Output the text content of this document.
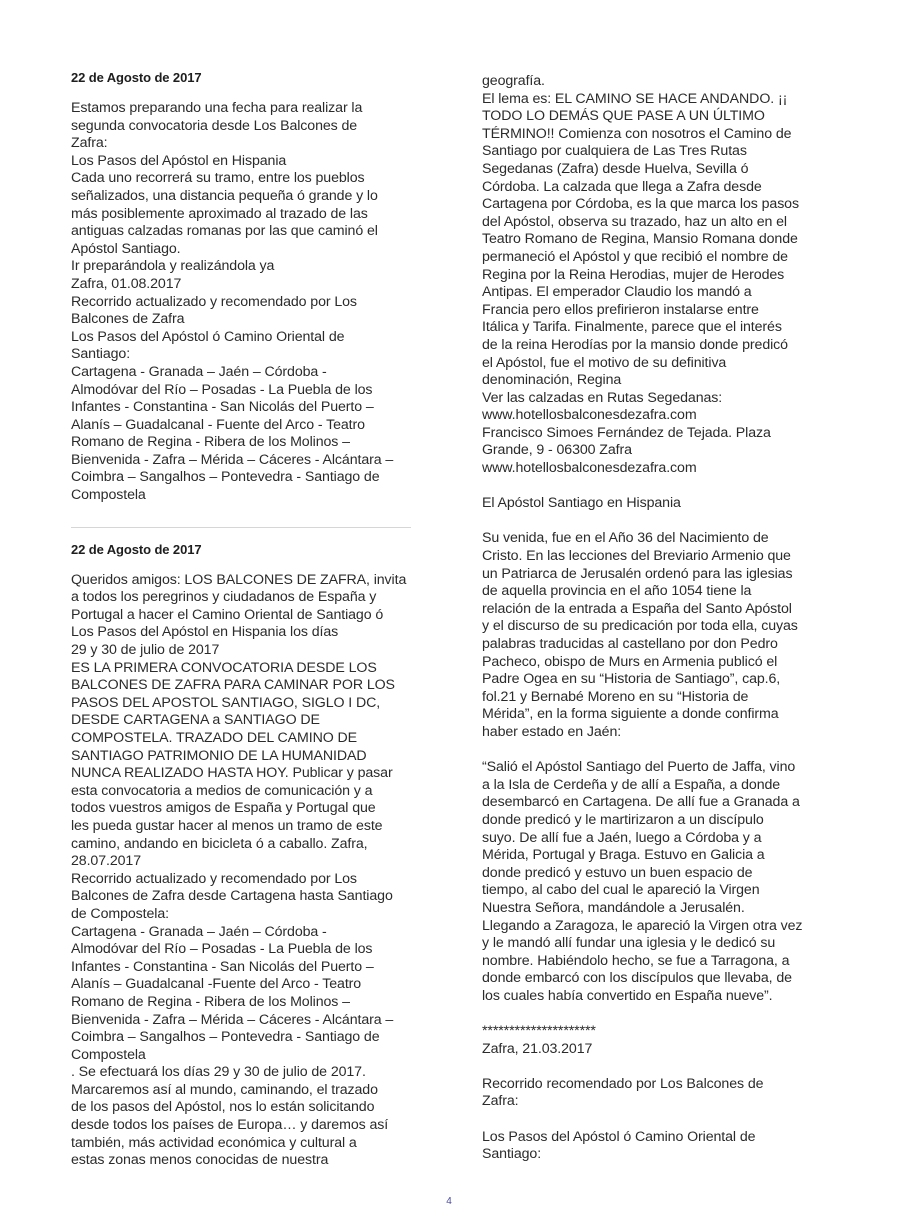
22 de Agosto de 2017
Estamos preparando una fecha para realizar la
segunda convocatoria desde Los Balcones de
Zafra:
Los Pasos del Apóstol en Hispania
Cada uno recorrerá su tramo, entre los pueblos
señalizados, una distancia pequeña ó grande y lo
más posiblemente aproximado al trazado de las
antiguas calzadas romanas por las que caminó el
Apóstol Santiago.
Ir preparándola y realizándola ya
Zafra, 01.08.2017
Recorrido actualizado y recomendado por Los
Balcones de Zafra
Los Pasos del Apóstol ó Camino Oriental de
Santiago:
Cartagena - Granada – Jaén – Córdoba -
Almodóvar del Río – Posadas - La Puebla de los
Infantes - Constantina - San Nicolás del Puerto –
Alanís – Guadalcanal - Fuente del Arco - Teatro
Romano de Regina - Ribera de los Molinos –
Bienvenida - Zafra – Mérida – Cáceres - Alcántara –
Coimbra – Sangalhos – Pontevedra - Santiago de
Compostela
22 de Agosto de 2017
Queridos amigos: LOS BALCONES DE ZAFRA, invita
a todos los peregrinos y ciudadanos de España y
Portugal a hacer el Camino Oriental de Santiago ó
Los Pasos del Apóstol en Hispania los días
29 y 30 de julio de 2017
ES LA PRIMERA CONVOCATORIA DESDE LOS
BALCONES DE ZAFRA PARA CAMINAR POR LOS
PASOS DEL APOSTOL SANTIAGO, SIGLO I DC,
DESDE CARTAGENA a SANTIAGO DE
COMPOSTELA. TRAZADO DEL CAMINO DE
SANTIAGO PATRIMONIO DE LA HUMANIDAD
NUNCA REALIZADO HASTA HOY. Publicar y pasar
esta convocatoria a medios de comunicación y a
todos vuestros amigos de España y Portugal que
les pueda gustar hacer al menos un tramo de este
camino, andando en bicicleta ó a caballo. Zafra,
28.07.2017
Recorrido actualizado y recomendado por Los
Balcones de Zafra desde Cartagena hasta Santiago
de Compostela:
Cartagena - Granada – Jaén – Córdoba -
Almodóvar del Río – Posadas - La Puebla de los
Infantes - Constantina - San Nicolás del Puerto –
Alanís – Guadalcanal -Fuente del Arco - Teatro
Romano de Regina - Ribera de los Molinos –
Bienvenida - Zafra – Mérida – Cáceres - Alcántara –
Coimbra – Sangalhos – Pontevedra - Santiago de
Compostela
. Se efectuará los días 29 y 30 de julio de 2017.
Marcaremos así al mundo, caminando, el trazado
de los pasos del Apóstol, nos lo están solicitando
desde todos los países de Europa… y daremos así
también, más actividad económica y cultural a
estas zonas menos conocidas de nuestra
geografía.
El lema es: EL CAMINO SE HACE ANDANDO. ¡¡
TODO LO DEMÁS QUE PASE A UN ÚLTIMO
TÉRMINO!! Comienza con nosotros el Camino de
Santiago por cualquiera de Las Tres Rutas
Segedanas (Zafra) desde Huelva, Sevilla ó
Córdoba. La calzada que llega a Zafra desde
Cartagena por Córdoba, es la que marca los pasos
del Apóstol, observa su trazado, haz un alto en el
Teatro Romano de Regina, Mansio Romana donde
permaneció el Apóstol y que recibió el nombre de
Regina por la Reina Herodias, mujer de Herodes
Antipas. El emperador Claudio los mandó a
Francia pero ellos prefirieron instalarse entre
Itálica y Tarifa. Finalmente, parece que el interés
de la reina Herodías por la mansio donde predicó
el Apóstol, fue el motivo de su definitiva
denominación, Regina
Ver las calzadas en Rutas Segedanas:
www.hotellosbalconesdezafra.com
Francisco Simoes Fernández de Tejada. Plaza
Grande, 9 - 06300 Zafra
www.hotellosbalconesdezafra.com
El Apóstol Santiago en Hispania
Su venida, fue en el Año 36 del Nacimiento de
Cristo. En las lecciones del Breviario Armenio que
un Patriarca de Jerusalén ordenó para las iglesias
de aquella provincia en el año 1054 tiene la
relación de la entrada a España del Santo Apóstol
y el discurso de su predicación por toda ella, cuyas
palabras traducidas al castellano por don Pedro
Pacheco, obispo de Murs en Armenia publicó el
Padre Ogea en su “Historia de Santiago”, cap.6,
fol.21 y Bernabé Moreno en su “Historia de
Mérida”, en la forma siguiente a donde confirma
haber estado en Jaén:
“Salió el Apóstol Santiago del Puerto de Jaffa, vino
a la Isla de Cerdeña y de allí a España, a donde
desembarcó en Cartagena. De allí fue a Granada a
donde predicó y le martirizaron a un discípulo
suyo. De allí fue a Jaén, luego a Córdoba y a
Mérida, Portugal y Braga. Estuvo en Galicia a
donde predicó y estuvo un buen espacio de
tiempo, al cabo del cual le apareció la Virgen
Nuestra Señora, mandándole a Jerusalén.
Llegando a Zaragoza, le apareció la Virgen otra vez
y le mandó allí fundar una iglesia y le dedicó su
nombre. Habiéndolo hecho, se fue a Tarragona, a
donde embarcó con los discípulos que llevaba, de
los cuales había convertido en España nueve”.
*********************
Zafra, 21.03.2017
Recorrido recomendado por Los Balcones de
Zafra:
Los Pasos del Apóstol ó Camino Oriental de
Santiago:
4
